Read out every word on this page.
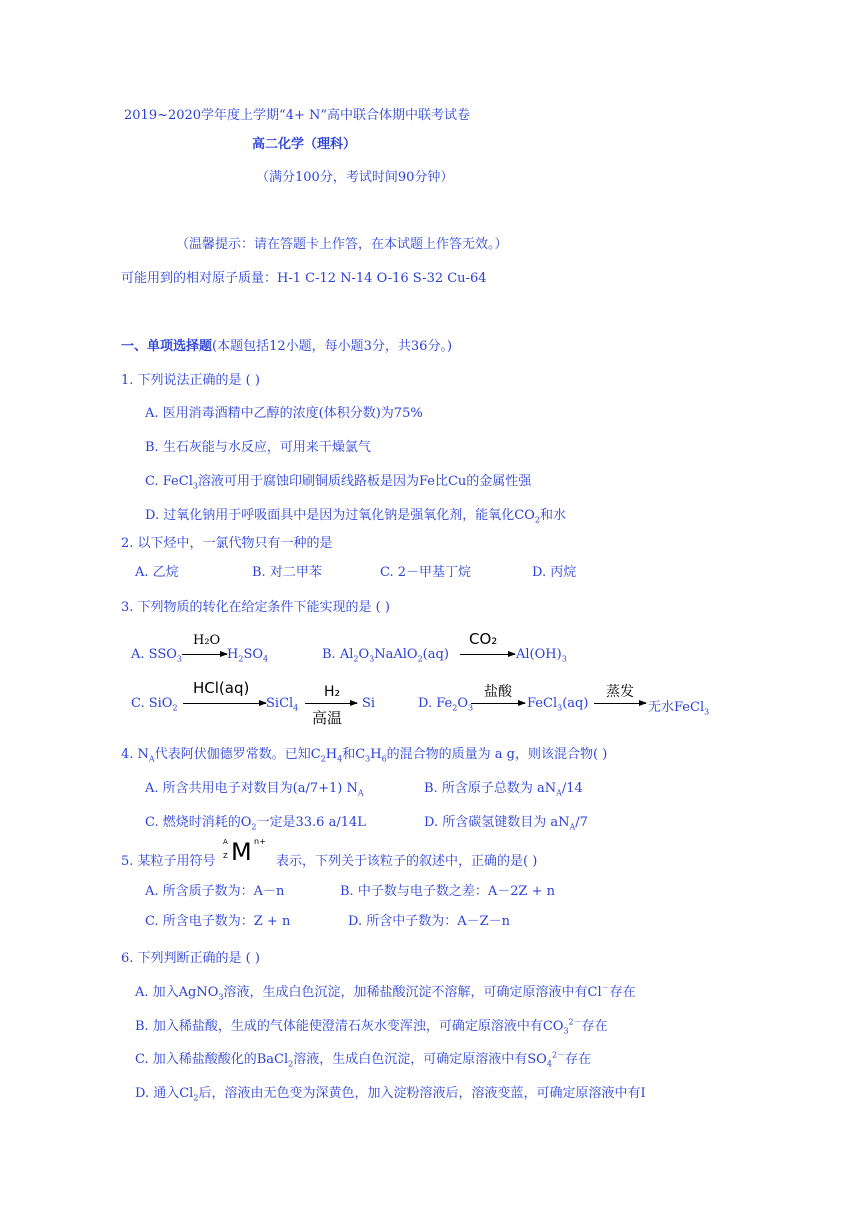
2019~2020学年度上学期“4+ N”高中联合体期中联考试卷
高二化学（理科）
（满分100分，考试时间90分钟）
（温馨提示：请在答题卡上作答，在本试题上作答无效。）
可能用到的相对原子质量：H-1 C-12 N-14 O-16 S-32 Cu-64
一、单项选择题(本题包括12小题，每小题3分，共36分。)
1. 下列说法正确的是 ( )
A. 医用消毒酒精中乙醇的浓度(体积分数)为75%
B. 生石灰能与水反应，可用来干燥氯气
C. FeCl$_3$溶液可用于腐蚀印刷铜质线路板是因为Fe比Cu的金属性强
D. 过氧化钠用于呼吸面具中是因为过氧化钠是强氧化剂，能氧化$CO_2$和水
2. 以下烃中，一氯代物只有一种的是
A. 乙烷	B. 对二甲苯	C. 2－甲基丁烷	D. 丙烷
3. 下列物质的转化在给定条件下能实现的是 ( )
A. $SSO_3$
H₂O
$H_2SO_4$	B. $Al_2O_3NaAlO_2(aq)$
CO₂
$Al(OH)_3$
C. SiO$_2$
HCl(aq)
SiCl$_4$
H₂
高温
Si	D. $Fe_2O_3$
盐酸
FeCl$_3$(aq)
蒸发
无水FeCl$_3$
4. $N_A$代表阿伏伽德罗常数。已知$C_2H_4$和$C_3H_6$的混合物的质量为 a g，则该混合物( )
A. 所含共用电子对数目为(a/7+1) $N_A$	B. 所含原子总数为 $aN_A/14$
C. 燃烧时消耗的$O_2$一定是33.6 a/14L	D. 所含碳氢键数目为 $aN_A/7$
5. 某粒子用符号
A
Z M n+
表示，下列关于该粒子的叙述中，正确的是( )
A. 所含质子数为：A－n	B. 中子数与电子数之差：A－2Z + n
C. 所含电子数为：Z + n	D. 所含中子数为：A－Z－n
6. 下列判断正确的是 ( )
A. 加入AgNO$_3$溶液，生成白色沉淀，加稀盐酸沉淀不溶解，可确定原溶液中有Cl－存在
B. 加入稀盐酸，生成的气体能使澄清石灰水变浑浊，可确定原溶液中有$CO_3^{2-}$存在
C. 加入稀盐酸酸化的BaCl$_2$溶液，生成白色沉淀，可确定原溶液中有$SO_4^{2-}$存在
D. 通入$Cl_2$后，溶液由无色变为深黄色，加入淀粉溶液后，溶液变蓝，可确定原溶液中有I
